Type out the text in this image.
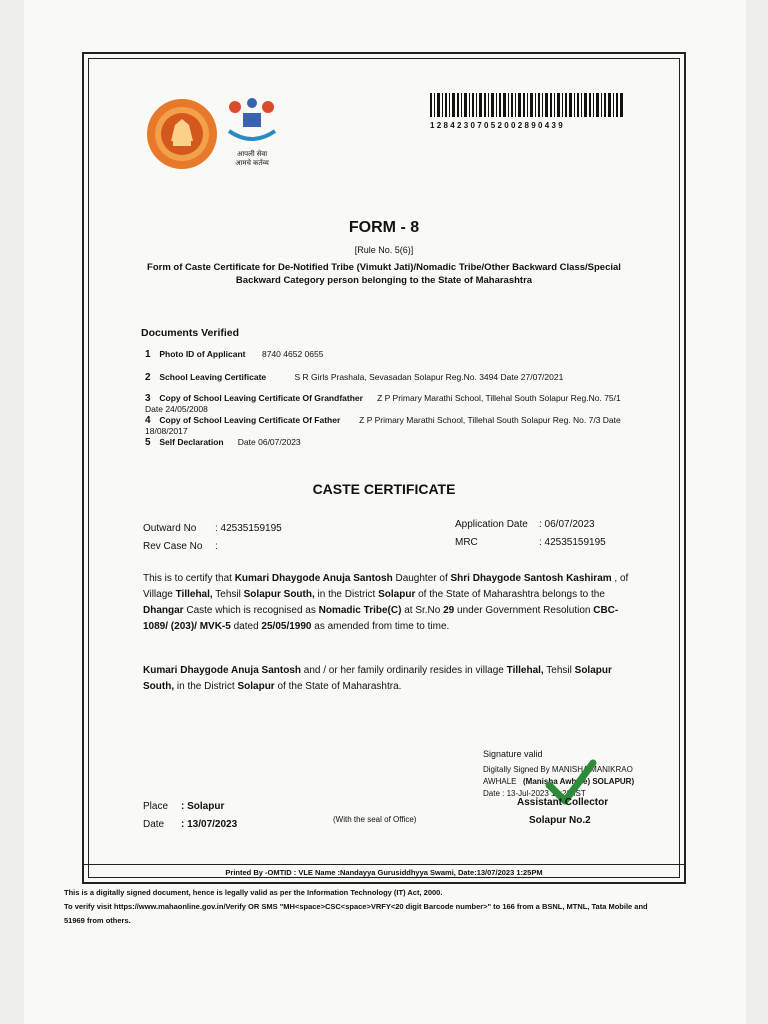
आपली सेवा
आमचे कर्तव्य
12842307052002890439
FORM - 8
[Rule No. 5(6)]
Form of Caste Certificate for De-Notified Tribe (Vimukt Jati)/Nomadic Tribe/Other Backward Class/Special Backward Category person belonging to the State of Maharashtra
Documents Verified
1 Photo ID of Applicant 8740 4652 0655
2 School Leaving Certificate	S R Girls Prashala, Sevasadan Solapur Reg.No. 3494 Date 27/07/2021
3 Copy of School Leaving Certificate Of Grandfather Z P Primary Marathi School, Tillehal South Solapur Reg.No. 75/1 Date 24/05/2008
4 Copy of School Leaving Certificate Of Father Z P Primary Marathi School, Tillehal South Solapur Reg. No. 7/3 Date 18/08/2017
5 Self Declaration Date 06/07/2023
CASTE CERTIFICATE
Outward No : 42535159195
Rev Case No :
Application Date : 06/07/2023
MRC	: 42535159195
This is to certify that Kumari Dhaygode Anuja Santosh Daughter of Shri Dhaygode Santosh Kashiram , of Village Tillehal, Tehsil Solapur South, in the District Solapur of the State of Maharashtra belongs to the Dhangar Caste which is recognised as Nomadic Tribe(C) at Sr.No 29 under Government Resolution CBC-1089/ (203)/ MVK-5 dated 25/05/1990 as amended from time to time.
Kumari Dhaygode Anuja Santosh and / or her family ordinarily resides in village Tillehal, Tehsil Solapur South, in the District Solapur of the State of Maharashtra.
Signature valid
Digitally Signed By MANISHA MANIKRAO
AWHALE (Manisha Awhale) SOLAPUR)
Date : 13-Jul-2023 16:20 IST
Assistant Collector
Solapur No.2
Place : Solapur
Date : 13/07/2023	(With the seal of Office)
Printed By -OMTID : VLE Name :Nandayya Gurusiddhyya Swami, Date:13/07/2023 1:25PM
This is a digitally signed document, hence is legally valid as per the Information Technology (IT) Act, 2000.
To verify visit https://www.mahaonline.gov.in/Verify OR SMS "MH<space>CSC<space>VRFY<20 digit Barcode number>" to 166 from a BSNL, MTNL, Tata Mobile and
51969 from others.
